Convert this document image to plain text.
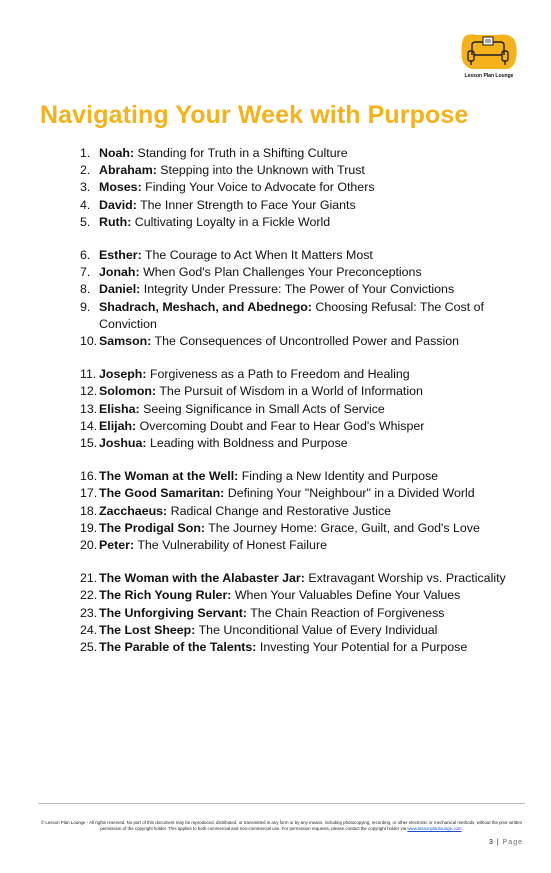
Lesson Plan Lounge
Navigating Your Week with Purpose
1. Noah: Standing for Truth in a Shifting Culture
2. Abraham: Stepping into the Unknown with Trust
3. Moses: Finding Your Voice to Advocate for Others
4. David: The Inner Strength to Face Your Giants
5. Ruth: Cultivating Loyalty in a Fickle World
6. Esther: The Courage to Act When It Matters Most
7. Jonah: When God's Plan Challenges Your Preconceptions
8. Daniel: Integrity Under Pressure: The Power of Your Convictions
9. Shadrach, Meshach, and Abednego: Choosing Refusal: The Cost of Conviction
10. Samson: The Consequences of Uncontrolled Power and Passion
11. Joseph: Forgiveness as a Path to Freedom and Healing
12. Solomon: The Pursuit of Wisdom in a World of Information
13. Elisha: Seeing Significance in Small Acts of Service
14. Elijah: Overcoming Doubt and Fear to Hear God's Whisper
15. Joshua: Leading with Boldness and Purpose
16. The Woman at the Well: Finding a New Identity and Purpose
17. The Good Samaritan: Defining Your "Neighbour" in a Divided World
18. Zacchaeus: Radical Change and Restorative Justice
19. The Prodigal Son: The Journey Home: Grace, Guilt, and God's Love
20. Peter: The Vulnerability of Honest Failure
21. The Woman with the Alabaster Jar: Extravagant Worship vs. Practicality
22. The Rich Young Ruler: When Your Valuables Define Your Values
23. The Unforgiving Servant: The Chain Reaction of Forgiveness
24. The Lost Sheep: The Unconditional Value of Every Individual
25. The Parable of the Talents: Investing Your Potential for a Purpose
© Lesson Plan Lounge - All rights reserved. No part of this document may be reproduced, distributed, or transmitted in any form or by any means, including photocopying, recording, or other electronic or mechanical methods, without the prior written permission of the copyright holder. This applies to both commercial and non-commercial use. For permission requests, please contact the copyright holder via www.lessonplanlounge.com.
3 | Page
